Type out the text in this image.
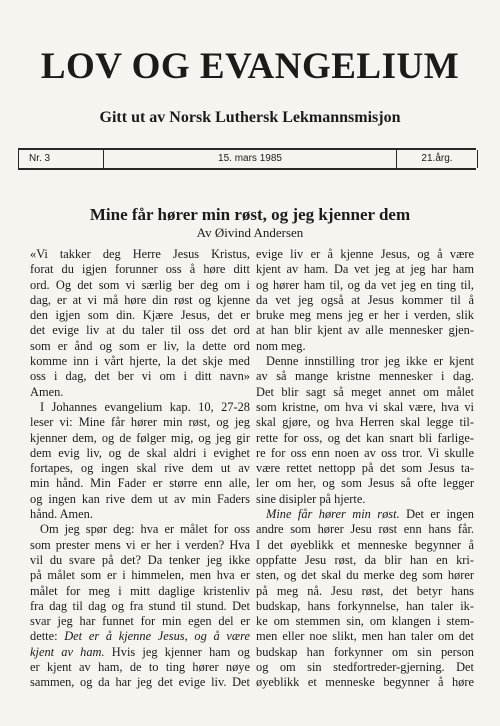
LOV OG EVANGELIUM

Gitt ut av Norsk Luthersk Lekmannsmisjon

Nr. 3	15. mars 1985	21.årg.
Mine får hører min røst, og jeg kjenner dem

Av Øivind Andersen

«Vi takker deg Herre Jesus Kristus,
forat du igjen forunner oss å høre ditt
ord. Og det som vi særlig ber deg om i
dag, er at vi må høre din røst og kjenne
den igjen som din. Kjære Jesus, det er
det evige liv at du taler til oss det ord
som er ånd og som er liv, la dette ord
komme inn i vårt hjerte, la det skje med
oss i dag, det ber vi om i ditt navn»
Amen.
I Johannes evangelium kap. 10, 27-28
leser vi: Mine får hører min røst, og jeg
kjenner dem, og de følger mig, og jeg gir
dem evig liv, og de skal aldri i evighet
fortapes, og ingen skal rive dem ut av
min hånd. Min Fader er større enn alle,
og ingen kan rive dem ut av min Faders
hånd. Amen.
Om jeg spør deg: hva er målet for oss
som prester mens vi er her i verden? Hva
vil du svare på det? Da tenker jeg ikke
på målet som er i himmelen, men hva er
målet for meg i mitt daglige kristenliv
fra dag til dag og fra stund til stund. Det
svar jeg har funnet for min egen del er
dette: Det er å kjenne Jesus, og å være
kjent av ham. Hvis jeg kjenner ham og
er kjent av ham, de to ting hører nøye
sammen, og da har jeg det evige liv. Det
evige liv er å kjenne Jesus, og å være
kjent av ham. Da vet jeg at jeg har ham
og hører ham til, og da vet jeg en ting til,
da vet jeg også at Jesus kommer til å
bruke meg mens jeg er her i verden, slik
at han blir kjent av alle mennesker gjen-
nom meg.
Denne innstilling tror jeg ikke er kjent
av så mange kristne mennesker i dag.
Det blir sagt så meget annet om målet
som kristne, om hva vi skal være, hva vi
skal gjøre, og hva Herren skal legge til-
rette for oss, og det kan snart bli farlige-
re for oss enn noen av oss tror. Vi skulle
være rettet nettopp på det som Jesus ta-
ler om her, og som Jesus så ofte legger
sine disipler på hjerte.
Mine får hører min røst. Det er ingen
andre som hører Jesu røst enn hans får.
I det øyeblikk et menneske begynner å
oppfatte Jesu røst, da blir han en kri-
sten, og det skal du merke deg som hører
på meg nå. Jesu røst, det betyr hans
budskap, hans forkynnelse, han taler ik-
ke om stemmen sin, om klangen i stem-
men eller noe slikt, men han taler om det
budskap han forkynner om sin person
og om sin stedfortreder-gjerning. Det
øyeblikk et menneske begynner å høre
